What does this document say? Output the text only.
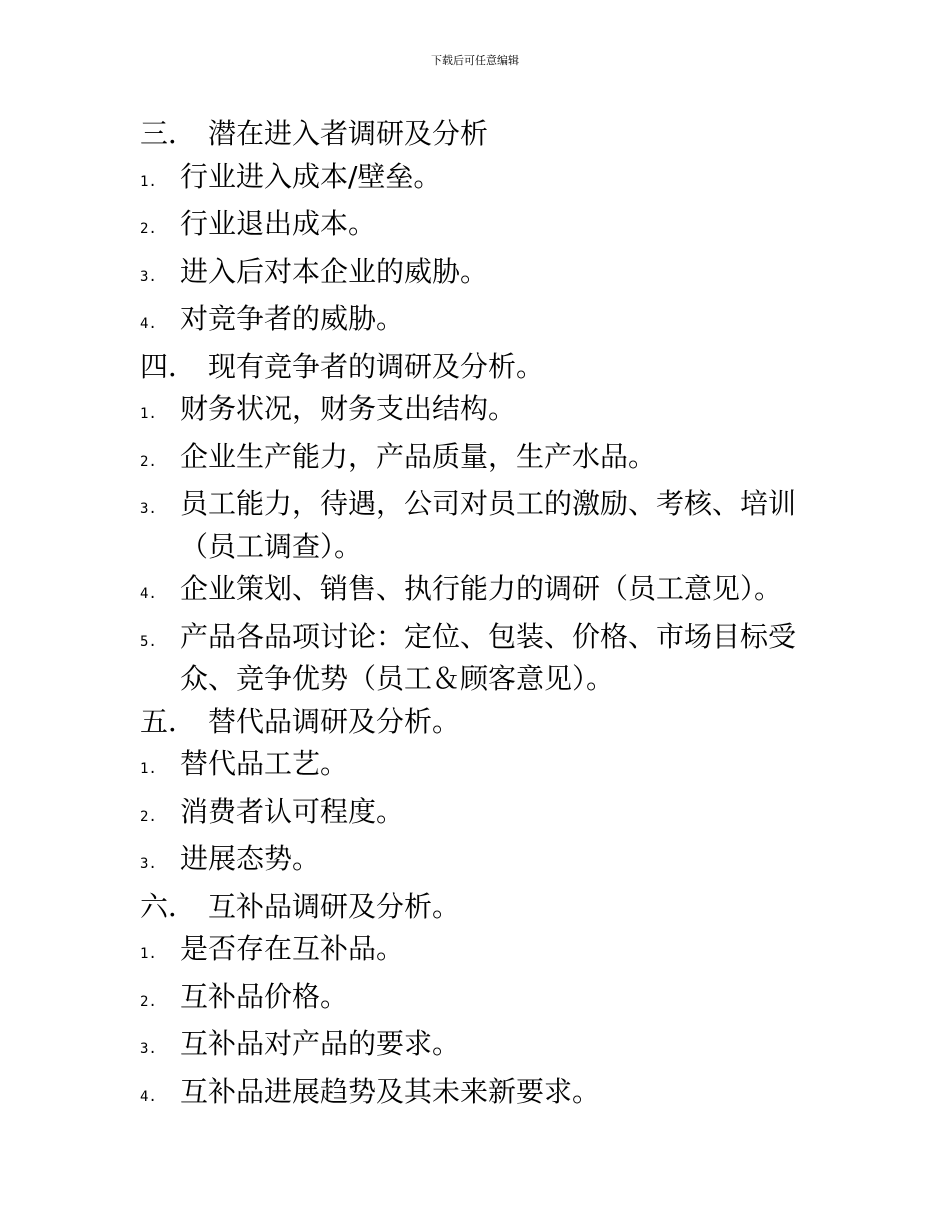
下载后可任意编辑
三． 潜在进入者调研及分析
1. 行业进入成本/壁垒。
2. 行业退出成本。
3. 进入后对本企业的威胁。
4. 对竞争者的威胁。
四． 现有竞争者的调研及分析。
1. 财务状况，财务支出结构。
2. 企业生产能力，产品质量，生产水品。
3. 员工能力，待遇，公司对员工的激励、考核、培训（员工调查）。
4. 企业策划、销售、执行能力的调研（员工意见）。
5. 产品各品项讨论：定位、包装、价格、市场目标受众、竞争优势（员工＆顾客意见）。
五． 替代品调研及分析。
1. 替代品工艺。
2. 消费者认可程度。
3. 进展态势。
六． 互补品调研及分析。
1. 是否存在互补品。
2. 互补品价格。
3. 互补品对产品的要求。
4. 互补品进展趋势及其未来新要求。
